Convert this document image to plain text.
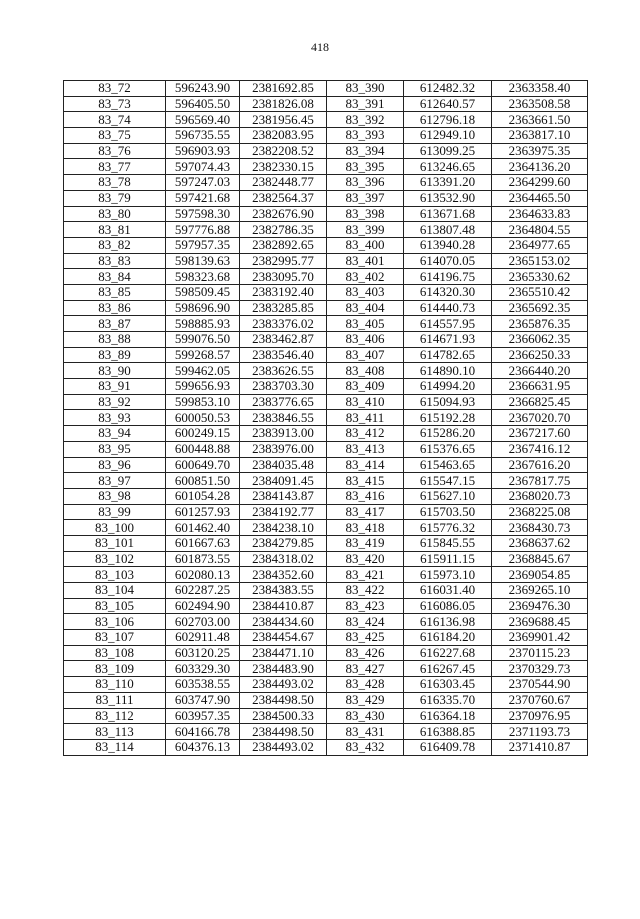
418
83_72	596243.90	2381692.85	83_390	612482.32	2363358.40
83_73	596405.50	2381826.08	83_391	612640.57	2363508.58
83_74	596569.40	2381956.45	83_392	612796.18	2363661.50
83_75	596735.55	2382083.95	83_393	612949.10	2363817.10
83_76	596903.93	2382208.52	83_394	613099.25	2363975.35
83_77	597074.43	2382330.15	83_395	613246.65	2364136.20
83_78	597247.03	2382448.77	83_396	613391.20	2364299.60
83_79	597421.68	2382564.37	83_397	613532.90	2364465.50
83_80	597598.30	2382676.90	83_398	613671.68	2364633.83
83_81	597776.88	2382786.35	83_399	613807.48	2364804.55
83_82	597957.35	2382892.65	83_400	613940.28	2364977.65
83_83	598139.63	2382995.77	83_401	614070.05	2365153.02
83_84	598323.68	2383095.70	83_402	614196.75	2365330.62
83_85	598509.45	2383192.40	83_403	614320.30	2365510.42
83_86	598696.90	2383285.85	83_404	614440.73	2365692.35
83_87	598885.93	2383376.02	83_405	614557.95	2365876.35
83_88	599076.50	2383462.87	83_406	614671.93	2366062.35
83_89	599268.57	2383546.40	83_407	614782.65	2366250.33
83_90	599462.05	2383626.55	83_408	614890.10	2366440.20
83_91	599656.93	2383703.30	83_409	614994.20	2366631.95
83_92	599853.10	2383776.65	83_410	615094.93	2366825.45
83_93	600050.53	2383846.55	83_411	615192.28	2367020.70
83_94	600249.15	2383913.00	83_412	615286.20	2367217.60
83_95	600448.88	2383976.00	83_413	615376.65	2367416.12
83_96	600649.70	2384035.48	83_414	615463.65	2367616.20
83_97	600851.50	2384091.45	83_415	615547.15	2367817.75
83_98	601054.28	2384143.87	83_416	615627.10	2368020.73
83_99	601257.93	2384192.77	83_417	615703.50	2368225.08
83_100	601462.40	2384238.10	83_418	615776.32	2368430.73
83_101	601667.63	2384279.85	83_419	615845.55	2368637.62
83_102	601873.55	2384318.02	83_420	615911.15	2368845.67
83_103	602080.13	2384352.60	83_421	615973.10	2369054.85
83_104	602287.25	2384383.55	83_422	616031.40	2369265.10
83_105	602494.90	2384410.87	83_423	616086.05	2369476.30
83_106	602703.00	2384434.60	83_424	616136.98	2369688.45
83_107	602911.48	2384454.67	83_425	616184.20	2369901.42
83_108	603120.25	2384471.10	83_426	616227.68	2370115.23
83_109	603329.30	2384483.90	83_427	616267.45	2370329.73
83_110	603538.55	2384493.02	83_428	616303.45	2370544.90
83_111	603747.90	2384498.50	83_429	616335.70	2370760.67
83_112	603957.35	2384500.33	83_430	616364.18	2370976.95
83_113	604166.78	2384498.50	83_431	616388.85	2371193.73
83_114	604376.13	2384493.02	83_432	616409.78	2371410.87
